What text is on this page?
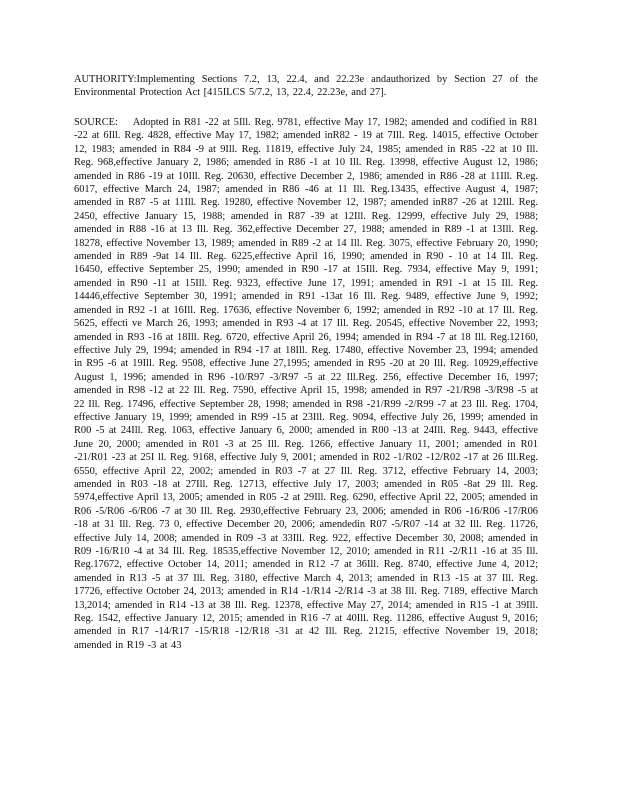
AUTHORITY:Implementing Sections 7.2, 13, 22.4, and 22.23e andauthorized by Section 27 of the Environmental Protection Act [415ILCS 5/7.2, 13, 22.4, 22.23e, and 27].

SOURCE: Adopted in R81 -22 at 5Ill. Reg. 9781, effective May 17, 1982; amended and codified in R81 -22 at 6Ill. Reg. 4828, effective May 17, 1982; amended inR82 - 19 at 7Ill. Reg. 14015, effective October 12, 1983; amended in R84 -9 at 9Ill. Reg. 11819, effective July 24, 1985; amended in R85 -22 at 10 Ill. Reg. 968,effective January 2, 1986; amended in R86 -1 at 10 Ill. Reg. 13998, effective August 12, 1986; amended in R86 -19 at 10Ill. Reg. 20630, effective December 2, 1986; amended in R86 -28 at 11Ill. R.eg. 6017, effective March 24, 1987; amended in R86 -46 at 11 Ill. Reg.13435, effective August 4, 1987; amended in R87 -5 at 11Ill. Reg. 19280, effective November 12, 1987; amended inR87 -26 at 12Ill. Reg. 2450, effective January 15, 1988; amended in R87 -39 at 12Ill. Reg. 12999, effective July 29, 1988; amended in R88 -16 at 13 Ill. Reg. 362,effective December 27, 1988; amended in R89 -1 at 13Ill. Reg. 18278, effective November 13, 1989; amended in R89 -2 at 14 Ill. Reg. 3075, effective February 20, 1990; amended in R89 -9at 14 Ill. Reg. 6225,effective April 16, 1990; amended in R90 - 10 at 14 Ill. Reg. 16450, effective September 25, 1990; amended in R90 -17 at 15Ill. Reg. 7934, effective May 9, 1991; amended in R90 -11 at 15Ill. Reg. 9323, effective June 17, 1991; amended in R91 -1 at 15 Ill. Reg. 14446,effective September 30, 1991; amended in R91 -13at 16 Ill. Reg. 9489, effective June 9, 1992; amended in R92 -1 at 16Ill. Reg. 17636, effective November 6, 1992; amended in R92 -10 at 17 Ill. Reg. 5625, effecti ve March 26, 1993; amended in R93 -4 at 17 Ill. Reg. 20545, effective November 22, 1993; amended in R93 -16 at 18Ill. Reg. 6720, effective April 26, 1994; amended in R94 -7 at 18 Ill. Reg.12160, effective July 29, 1994; amended in R94 -17 at 18Ill. Reg. 17480, effective November 23, 1994; amended in R95 -6 at 19Ill. Reg. 9508, effective June 27,1995; amended in R95 -20 at 20 Ill. Reg. 10929,effective August 1, 1996; amended in R96 -10/R97 -3/R97 -5 at 22 Ill.Reg. 256, effective December 16, 1997; amended in R98 -12 at 22 Ill. Reg. 7590, effective April 15, 1998; amended in R97 -21/R98 -3/R98 -5 at 22 Ill. Reg. 17496, effective September 28, 1998; amended in R98 -21/R99 -2/R99 -7 at 23 Ill. Reg. 1704, effective January 19, 1999; amended in R99 -15 at 23Ill. Reg. 9094, effective July 26, 1999; amended in R00 -5 at 24Ill. Reg. 1063, effective January 6, 2000; amended in R00 -13 at 24Ill. Reg. 9443, effective June 20, 2000; amended in R01 -3 at 25 Ill. Reg. 1266, effective January 11, 2001; amended in R01 -21/R01 -23 at 25I ll. Reg. 9168, effective July 9, 2001; amended in R02 -1/R02 -12/R02 -17 at 26 Ill.Reg. 6550, effective April 22, 2002; amended in R03 -7 at 27 Ill. Reg. 3712, effective February 14, 2003; amended in R03 -18 at 27Ill. Reg. 12713, effective July 17, 2003; amended in R05 -8at 29 Ill. Reg. 5974,effective April 13, 2005; amended in R05 -2 at 29Ill. Reg. 6290, effective April 22, 2005; amended in R06 -5/R06 -6/R06 -7 at 30 Ill. Reg. 2930,effective February 23, 2006; amended in R06 -16/R06 -17/R06 -18 at 31 Ill. Reg. 73 0, effective December 20, 2006; amendedin R07 -5/R07 -14 at 32 Ill. Reg. 11726, effective July 14, 2008; amended in R09 -3 at 33Ill. Reg. 922, effective December 30, 2008; amended in R09 -16/R10 -4 at 34 Ill. Reg. 18535,effective November 12, 2010; amended in R11 -2/R11 -16 at 35 Ill. Reg.17672, effective October 14, 2011; amended in R12 -7 at 36Ill. Reg. 8740, effective June 4, 2012; amended in R13 -5 at 37 Ill. Reg. 3180, effective March 4, 2013; amended in R13 -15 at 37 Ill. Reg. 17726, effective October 24, 2013; amended in R14 -1/R14 -2/R14 -3 at 38 Ill. Reg. 7189, effective March 13,2014; amended in R14 -13 at 38 Ill. Reg. 12378, effective May 27, 2014; amended in R15 -1 at 39Ill. Reg. 1542, effective January 12, 2015; amended in R16 -7 at 40Ill. Reg. 11286, effective August 9, 2016; amended in R17 -14/R17 -15/R18 -12/R18 -31 at 42 Ill. Reg. 21215, effective November 19, 2018; amended in R19 -3 at 43
